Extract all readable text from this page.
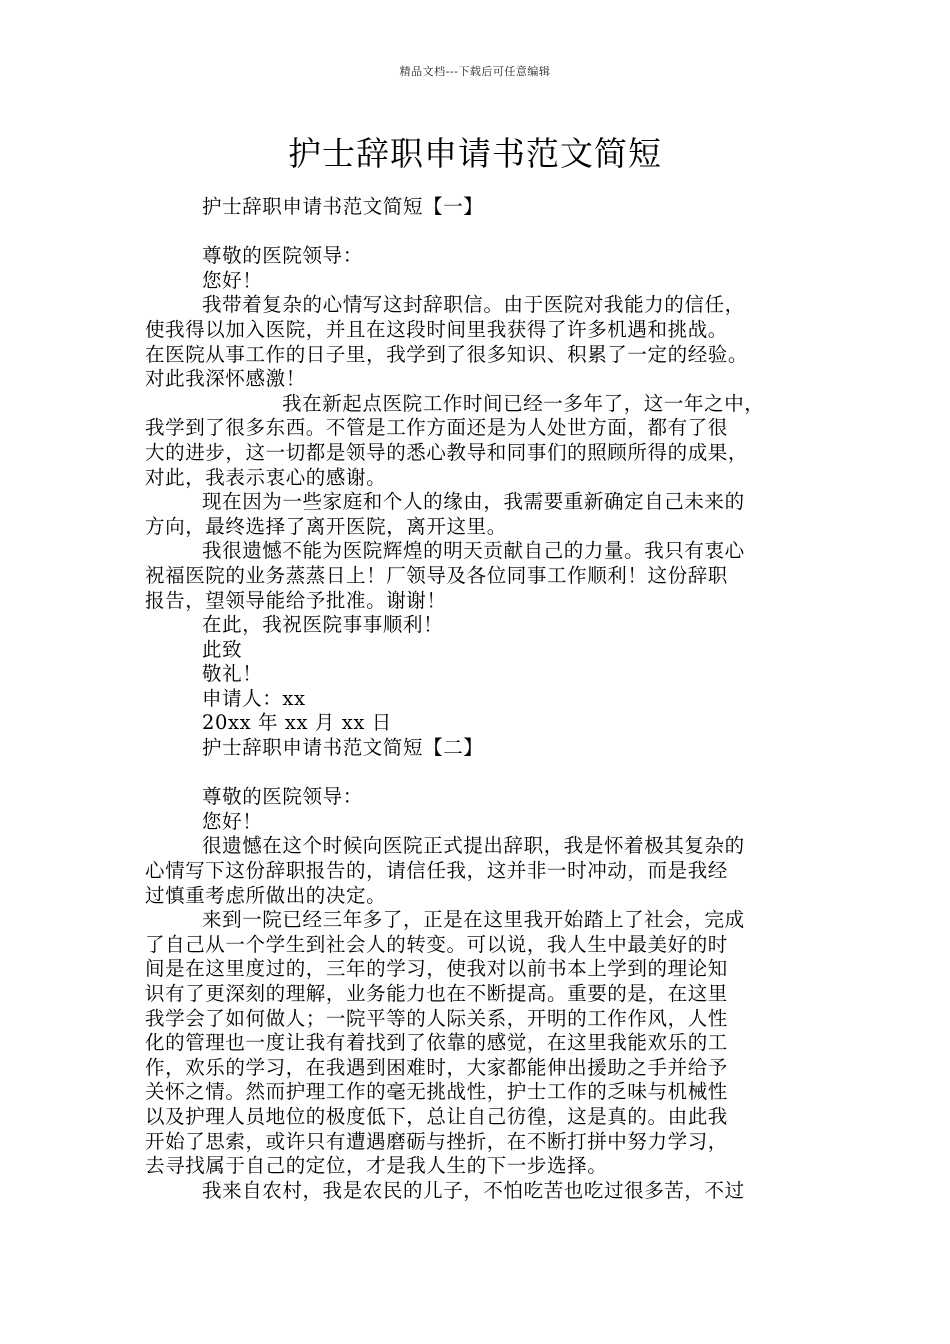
精品文档---下载后可任意编辑
护士辞职申请书范文简短
护士辞职申请书范文简短【一】
尊敬的医院领导：
您好！
我带着复杂的心情写这封辞职信。由于医院对我能力的信任，
使我得以加入医院，并且在这段时间里我获得了许多机遇和挑战。
在医院从事工作的日子里，我学到了很多知识、积累了一定的经验。
对此我深怀感激！
我在新起点医院工作时间已经一多年了，这一年之中，
我学到了很多东西。不管是工作方面还是为人处世方面，都有了很
大的进步，这一切都是领导的悉心教导和同事们的照顾所得的成果，
对此，我表示衷心的感谢。
现在因为一些家庭和个人的缘由，我需要重新确定自己未来的
方向，最终选择了离开医院，离开这里。
我很遗憾不能为医院辉煌的明天贡献自己的力量。我只有衷心
祝福医院的业务蒸蒸日上！厂领导及各位同事工作顺利！这份辞职
报告，望领导能给予批准。谢谢！
在此，我祝医院事事顺利！
此致
敬礼！
申请人：xx
20xx 年 xx 月 xx 日
护士辞职申请书范文简短【二】
尊敬的医院领导：
您好！
很遗憾在这个时候向医院正式提出辞职，我是怀着极其复杂的
心情写下这份辞职报告的，请信任我，这并非一时冲动，而是我经
过慎重考虑所做出的决定。
来到一院已经三年多了，正是在这里我开始踏上了社会，完成
了自己从一个学生到社会人的转变。可以说，我人生中最美好的时
间是在这里度过的，三年的学习，使我对以前书本上学到的理论知
识有了更深刻的理解，业务能力也在不断提高。重要的是，在这里
我学会了如何做人；一院平等的人际关系，开明的工作作风，人性
化的管理也一度让我有着找到了依靠的感觉，在这里我能欢乐的工
作，欢乐的学习，在我遇到困难时，大家都能伸出援助之手并给予
关怀之情。然而护理工作的毫无挑战性，护士工作的乏味与机械性
以及护理人员地位的极度低下，总让自己彷徨，这是真的。由此我
开始了思索，或许只有遭遇磨砺与挫折，在不断打拼中努力学习，
去寻找属于自己的定位，才是我人生的下一步选择。
我来自农村，我是农民的儿子，不怕吃苦也吃过很多苦，不过
